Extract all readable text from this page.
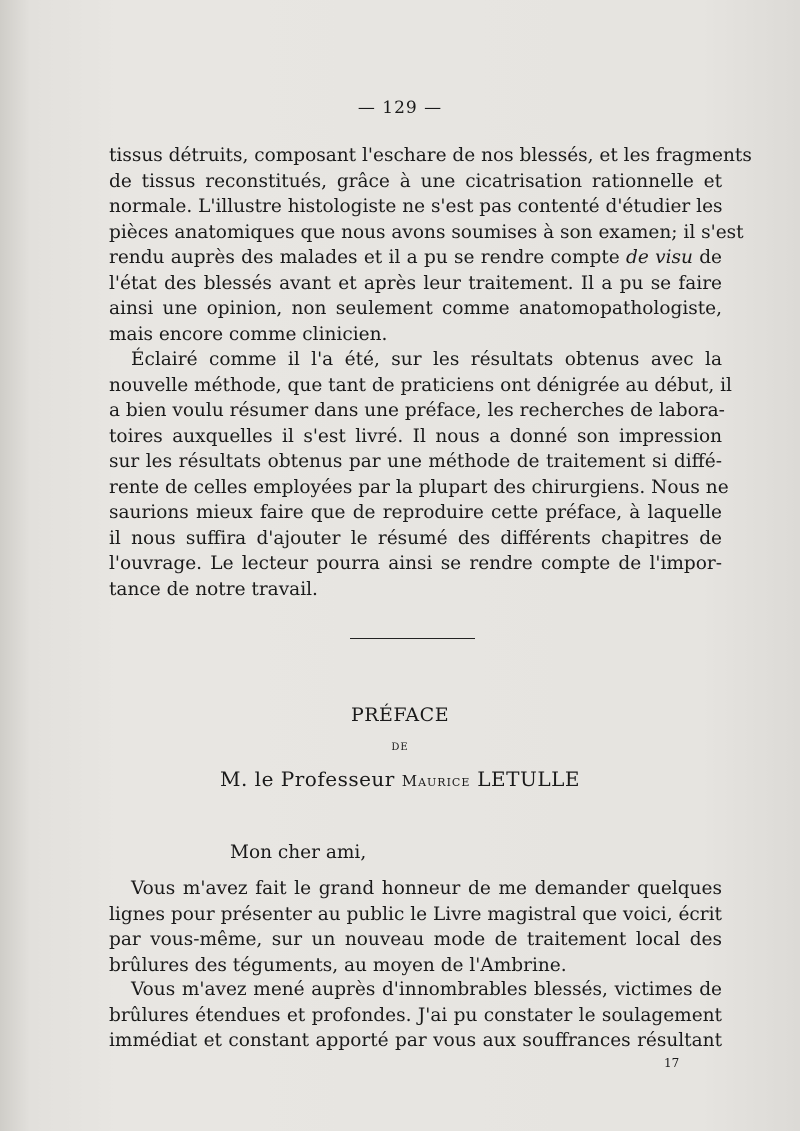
— 129 —
tissus détruits, composant l'eschare de nos blessés, et les fragments
de tissus reconstitués, grâce à une cicatrisation rationnelle et
normale. L'illustre histologiste ne s'est pas contenté d'étudier les
pièces anatomiques que nous avons soumises à son examen; il s'est
rendu auprès des malades et il a pu se rendre compte de visu de
l'état des blessés avant et après leur traitement. Il a pu se faire
ainsi une opinion, non seulement comme anatomopathologiste,
mais encore comme clinicien.
Éclairé comme il l'a été, sur les résultats obtenus avec la
nouvelle méthode, que tant de praticiens ont dénigrée au début, il
a bien voulu résumer dans une préface, les recherches de labora-
toires auxquelles il s'est livré. Il nous a donné son impression
sur les résultats obtenus par une méthode de traitement si diffé-
rente de celles employées par la plupart des chirurgiens. Nous ne
saurions mieux faire que de reproduire cette préface, à laquelle
il nous suffira d'ajouter le résumé des différents chapitres de
l'ouvrage. Le lecteur pourra ainsi se rendre compte de l'impor-
tance de notre travail.
PRÉFACE
DE
M. le Professeur Maurice LETULLE
Mon cher ami,
Vous m'avez fait le grand honneur de me demander quelques
lignes pour présenter au public le Livre magistral que voici, écrit
par vous-même, sur un nouveau mode de traitement local des
brûlures des téguments, au moyen de l'Ambrine.
Vous m'avez mené auprès d'innombrables blessés, victimes de
brûlures étendues et profondes. J'ai pu constater le soulagement
immédiat et constant apporté par vous aux souffrances résultant
17
